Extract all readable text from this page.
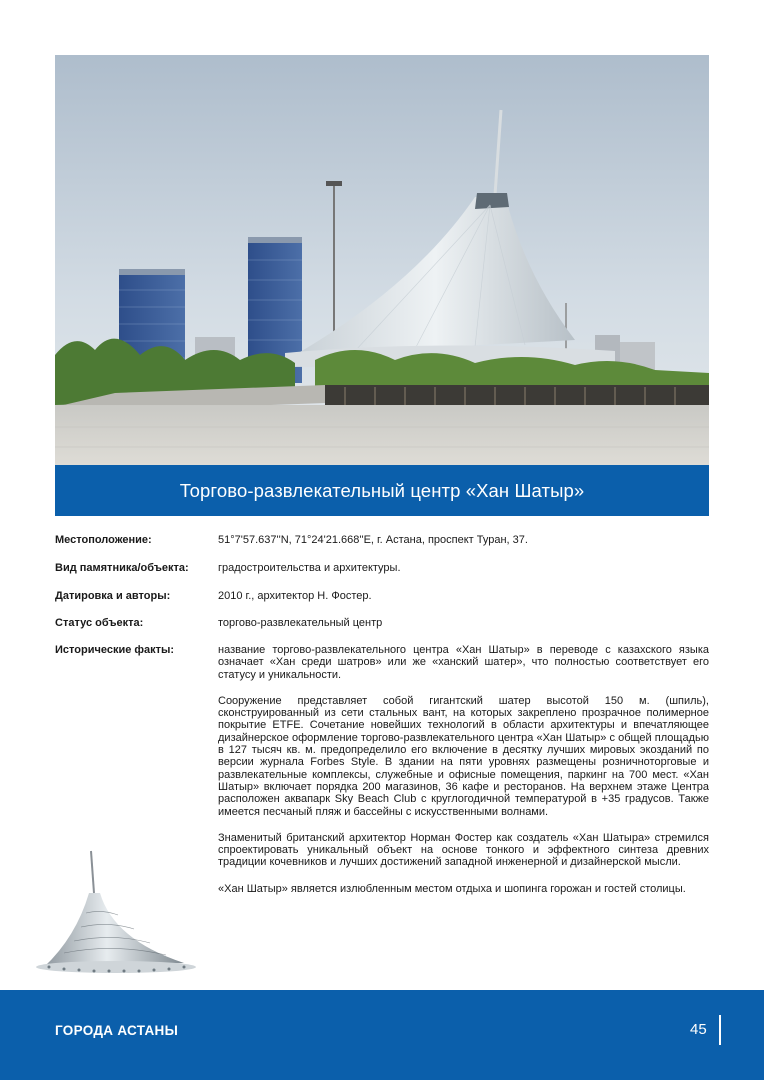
Торгово-развлекательный центр «Хан Шатыр»
Местоположение:	51°7'57.637''N, 71°24'21.668''E, г. Астана, проспект Туран, 37.
Вид памятника/объекта:	градостроительства и архитектуры.
Датировка и авторы:	2010 г., архитектор Н. Фостер.
Статус объекта:	торгово-развлекательный центр
Исторические факты:	название торгово-развлекательного центра «Хан Шатыр» в переводе с казахского языка означает «Хан среди шатров» или же «ханский шатер», что полностью соответствует его статусу и уникальности.

Сооружение представляет собой гигантский шатер высотой 150 м. (шпиль), сконструированный из сети стальных вант, на которых закреплено прозрачное полимерное покрытие ETFE. Сочетание новейших технологий в области архитектуры и впечатляющее дизайнерское оформление торгово-развлекательного центра «Хан Шатыр» с общей площадью в 127 тысяч кв. м. предопределило его включение в десятку лучших мировых экозданий по версии журнала Forbes Style. В здании на пяти уровнях размещены розничноторговые и развлекательные комплексы, служебные и офисные помещения, паркинг на 700 мест. «Хан Шатыр» включает порядка 200 магазинов, 36 кафе и ресторанов. На верхнем этаже Центра расположен аквапарк Sky Beach Club с круглогодичной температурой в +35 градусов. Также имеется песчаный пляж и бассейны с искусственными волнами.

Знаменитый британский архитектор Норман Фостер как создатель «Хан Шатыра» стремился спроектировать уникальный объект на основе тонкого и эффектного синтеза древних традиции кочевников и лучших достижений западной инженерной и дизайнерской мысли.

«Хан Шатыр» является излюбленным местом отдыха и шопинга горожан и гостей столицы.

ГОРОДА АСТАНЫ	45
